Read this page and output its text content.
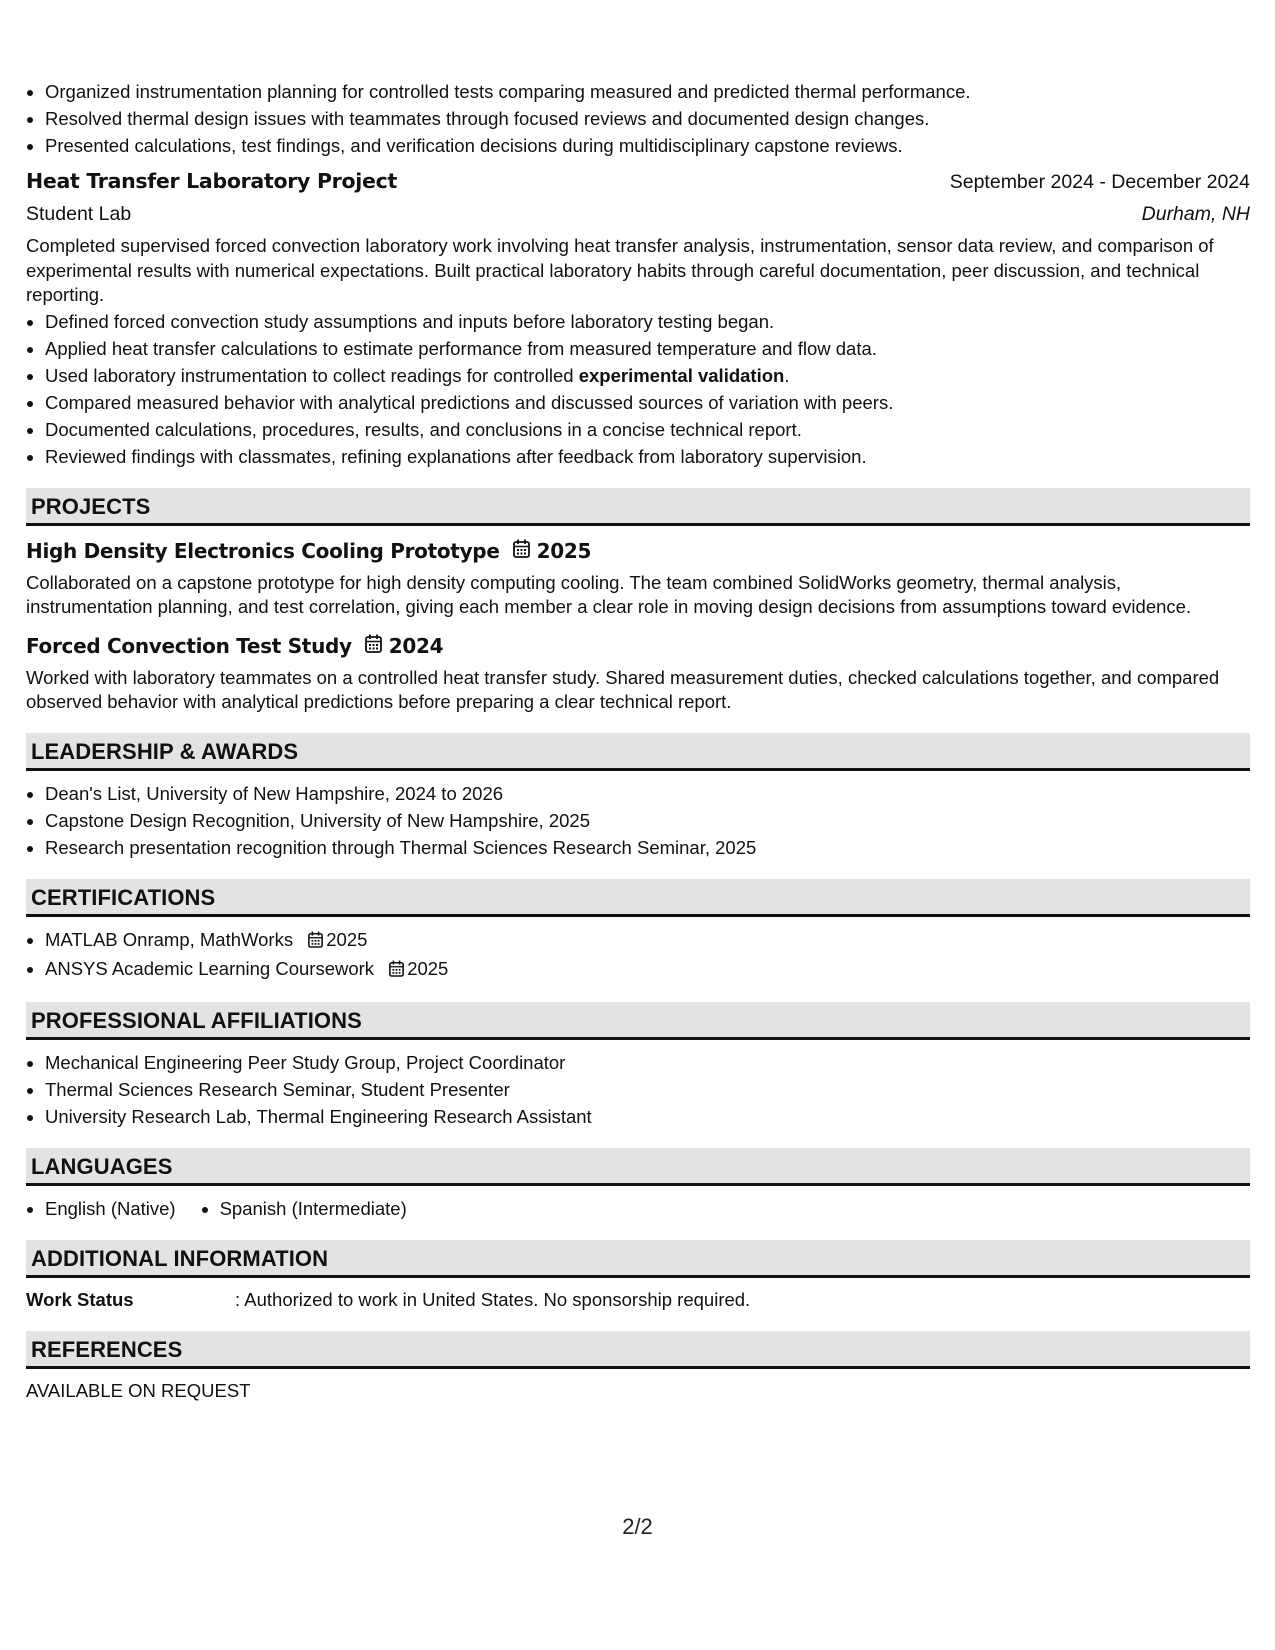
• Organized instrumentation planning for controlled tests comparing measured and predicted thermal performance.
• Resolved thermal design issues with teammates through focused reviews and documented design changes.
• Presented calculations, test findings, and verification decisions during multidisciplinary capstone reviews.
Heat Transfer Laboratory Project	September 2024 - December 2024
Student Lab	Durham, NH

Completed supervised forced convection laboratory work involving heat transfer analysis, instrumentation, sensor data review, and comparison of experimental results with numerical expectations. Built practical laboratory habits through careful documentation, peer discussion, and technical reporting.

• Defined forced convection study assumptions and inputs before laboratory testing began.
• Applied heat transfer calculations to estimate performance from measured temperature and flow data.
• Used laboratory instrumentation to collect readings for controlled experimental validation.
• Compared measured behavior with analytical predictions and discussed sources of variation with peers.
• Documented calculations, procedures, results, and conclusions in a concise technical report.
• Reviewed findings with classmates, refining explanations after feedback from laboratory supervision.
PROJECTS
High Density Electronics Cooling Prototype 2025

Collaborated on a capstone prototype for high density computing cooling. The team combined SolidWorks geometry, thermal analysis, instrumentation planning, and test correlation, giving each member a clear role in moving design decisions from assumptions toward evidence.

Forced Convection Test Study 2024

Worked with laboratory teammates on a controlled heat transfer study. Shared measurement duties, checked calculations together, and compared observed behavior with analytical predictions before preparing a clear technical report.

LEADERSHIP & AWARDS
• Dean's List, University of New Hampshire, 2024 to 2026
• Capstone Design Recognition, University of New Hampshire, 2025
• Research presentation recognition through Thermal Sciences Research Seminar, 2025
CERTIFICATIONS
• MATLAB Onramp, MathWorks 2025
• ANSYS Academic Learning Coursework 2025
PROFESSIONAL AFFILIATIONS
• Mechanical Engineering Peer Study Group, Project Coordinator
• Thermal Sciences Research Seminar, Student Presenter
• University Research Lab, Thermal Engineering Research Assistant
LANGUAGES
• English (Native)
• Spanish (Intermediate)
ADDITIONAL INFORMATION
Work Status	: Authorized to work in United States. No sponsorship required.
REFERENCES
AVAILABLE ON REQUEST
2/2
